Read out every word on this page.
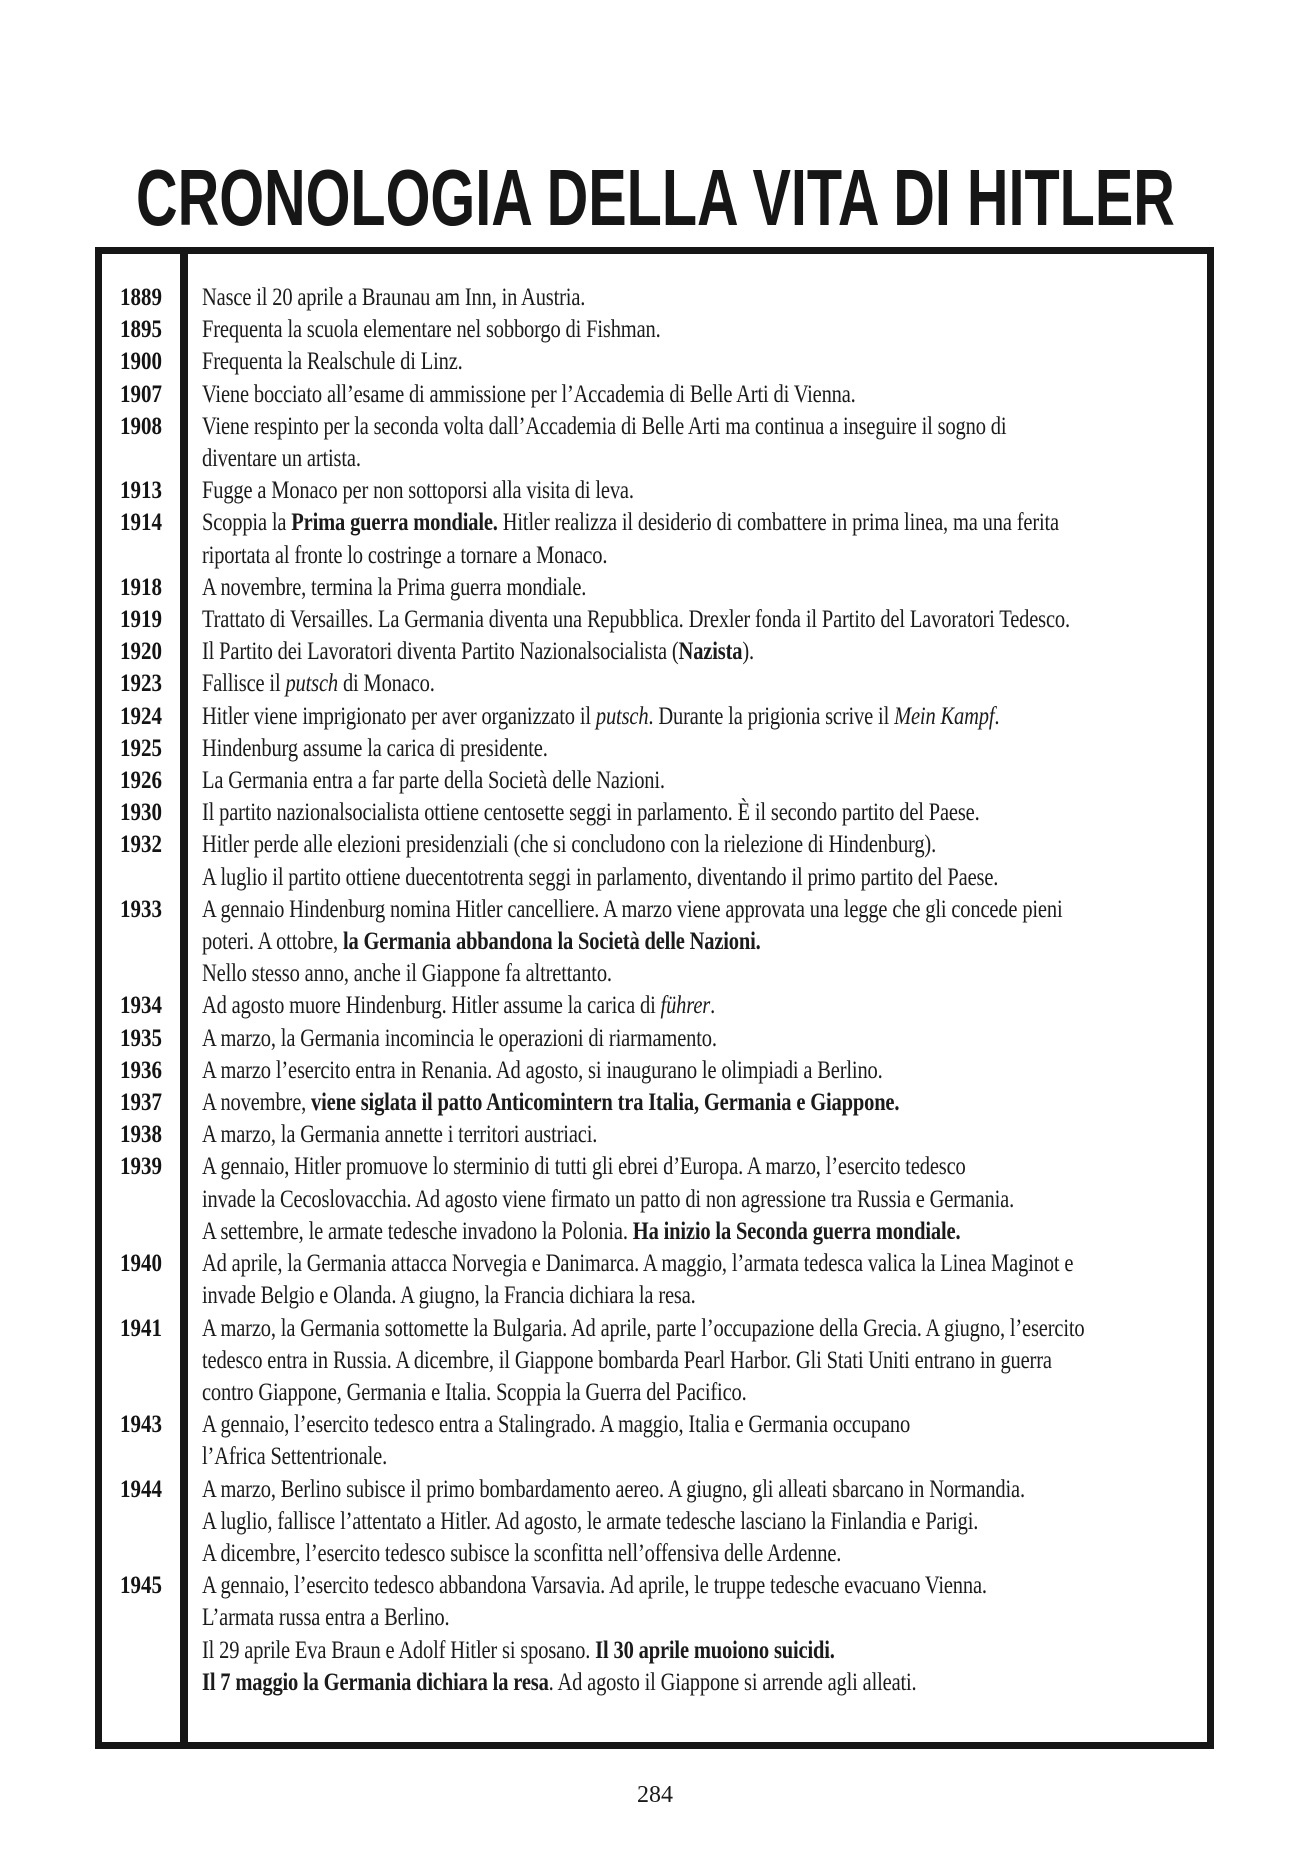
CRONOLOGIA DELLA VITA DI HITLER
1889	Nasce il 20 aprile a Braunau am Inn, in Austria.
1895	Frequenta la scuola elementare nel sobborgo di Fishman.
1900	Frequenta la Realschule di Linz.
1907	Viene bocciato all’esame di ammissione per l’Accademia di Belle Arti di Vienna.
1908	Viene respinto per la seconda volta dall’Accademia di Belle Arti ma continua a inseguire il sogno di
diventare un artista.
1913	Fugge a Monaco per non sottoporsi alla visita di leva.
1914	Scoppia la Prima guerra mondiale. Hitler realizza il desiderio di combattere in prima linea, ma una ferita
riportata al fronte lo costringe a tornare a Monaco.
1918	A novembre, termina la Prima guerra mondiale.
1919	Trattato di Versailles. La Germania diventa una Repubblica. Drexler fonda il Partito del Lavoratori Tedesco.
1920	Il Partito dei Lavoratori diventa Partito Nazionalsocialista (Nazista).
1923	Fallisce il putsch di Monaco.
1924	Hitler viene imprigionato per aver organizzato il putsch. Durante la prigionia scrive il Mein Kampf.
1925	Hindenburg assume la carica di presidente.
1926	La Germania entra a far parte della Società delle Nazioni.
1930	Il partito nazionalsocialista ottiene centosette seggi in parlamento. È il secondo partito del Paese.
1932	Hitler perde alle elezioni presidenziali (che si concludono con la rielezione di Hindenburg).
A luglio il partito ottiene duecentotrenta seggi in parlamento, diventando il primo partito del Paese.
1933	A gennaio Hindenburg nomina Hitler cancelliere. A marzo viene approvata una legge che gli concede pieni
poteri. A ottobre, la Germania abbandona la Società delle Nazioni.
Nello stesso anno, anche il Giappone fa altrettanto.
1934	Ad agosto muore Hindenburg. Hitler assume la carica di führer.
1935	A marzo, la Germania incomincia le operazioni di riarmamento.
1936	A marzo l’esercito entra in Renania. Ad agosto, si inaugurano le olimpiadi a Berlino.
1937	A novembre, viene siglata il patto Anticomintern tra Italia, Germania e Giappone.
1938	A marzo, la Germania annette i territori austriaci.
1939	A gennaio, Hitler promuove lo sterminio di tutti gli ebrei d’Europa. A marzo, l’esercito tedesco
invade la Cecoslovacchia. Ad agosto viene firmato un patto di non agressione tra Russia e Germania.
A settembre, le armate tedesche invadono la Polonia. Ha inizio la Seconda guerra mondiale.
1940	Ad aprile, la Germania attacca Norvegia e Danimarca. A maggio, l’armata tedesca valica la Linea Maginot e
invade Belgio e Olanda. A giugno, la Francia dichiara la resa.
1941	A marzo, la Germania sottomette la Bulgaria. Ad aprile, parte l’occupazione della Grecia. A giugno, l’esercito
tedesco entra in Russia. A dicembre, il Giappone bombarda Pearl Harbor. Gli Stati Uniti entrano in guerra
contro Giappone, Germania e Italia. Scoppia la Guerra del Pacifico.
1943	A gennaio, l’esercito tedesco entra a Stalingrado. A maggio, Italia e Germania occupano
l’Africa Settentrionale.
1944	A marzo, Berlino subisce il primo bombardamento aereo. A giugno, gli alleati sbarcano in Normandia.
A luglio, fallisce l’attentato a Hitler. Ad agosto, le armate tedesche lasciano la Finlandia e Parigi.
A dicembre, l’esercito tedesco subisce la sconfitta nell’offensiva delle Ardenne.
1945	A gennaio, l’esercito tedesco abbandona Varsavia. Ad aprile, le truppe tedesche evacuano Vienna.
L’armata russa entra a Berlino.
Il 29 aprile Eva Braun e Adolf Hitler si sposano. Il 30 aprile muoiono suicidi.
Il 7 maggio la Germania dichiara la resa. Ad agosto il Giappone si arrende agli alleati.
284
